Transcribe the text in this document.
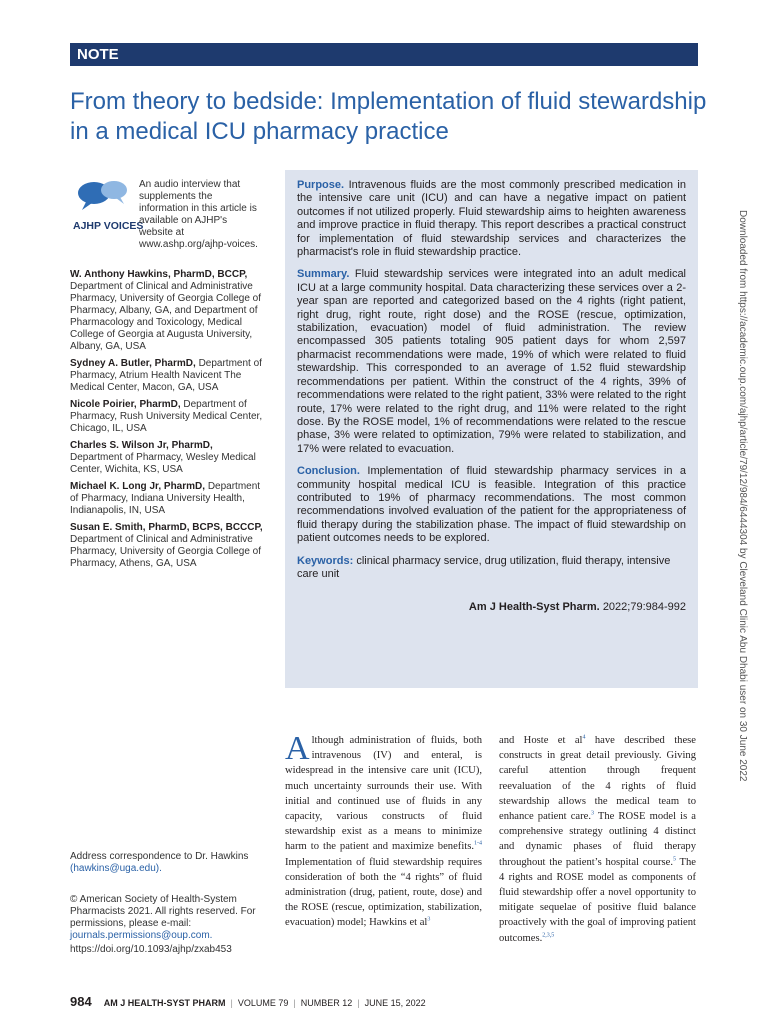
NOTE
From theory to bedside: Implementation of fluid stewardship in a medical ICU pharmacy practice
AJHP VOICES
An audio interview that supplements the information in this article is available on AJHP's website at www.ashp.org/ajhp-voices.
W. Anthony Hawkins, PharmD, BCCP, Department of Clinical and Administrative Pharmacy, University of Georgia College of Pharmacy, Albany, GA, and Department of Pharmacology and Toxicology, Medical College of Georgia at Augusta University, Albany, GA, USA
Sydney A. Butler, PharmD, Department of Pharmacy, Atrium Health Navicent The Medical Center, Macon, GA, USA
Nicole Poirier, PharmD, Department of Pharmacy, Rush University Medical Center, Chicago, IL, USA
Charles S. Wilson Jr, PharmD, Department of Pharmacy, Wesley Medical Center, Wichita, KS, USA
Michael K. Long Jr, PharmD, Department of Pharmacy, Indiana University Health, Indianapolis, IN, USA
Susan E. Smith, PharmD, BCPS, BCCCP, Department of Clinical and Administrative Pharmacy, University of Georgia College of Pharmacy, Athens, GA, USA
Address correspondence to Dr. Hawkins (hawkins@uga.edu).
© American Society of Health-System Pharmacists 2021. All rights reserved. For permissions, please e-mail: journals.permissions@oup.com.
https://doi.org/10.1093/ajhp/zxab453

Purpose. Intravenous fluids are the most commonly prescribed medication in the intensive care unit (ICU) and can have a negative impact on patient outcomes if not utilized properly. Fluid stewardship aims to heighten awareness and improve practice in fluid therapy. This report describes a practical construct for implementation of fluid stewardship services and characterizes the pharmacist's role in fluid stewardship practice.

Summary. Fluid stewardship services were integrated into an adult medical ICU at a large community hospital. Data characterizing these services over a 2-year span are reported and categorized based on the 4 rights (right patient, right drug, right route, right dose) and the ROSE (rescue, optimization, stabilization, evacuation) model of fluid administration. The review encompassed 305 patients totaling 905 patient days for whom 2,597 pharmacist recommendations were made, 19% of which were related to fluid stewardship. This corresponded to an average of 1.52 fluid stewardship recommendations per patient. Within the construct of the 4 rights, 39% of recommendations were related to the right patient, 33% were related to the right route, 17% were related to the right drug, and 11% were related to the right dose. By the ROSE model, 1% of recommendations were related to the rescue phase, 3% were related to optimization, 79% were related to stabilization, and 17% were related to evacuation.

Conclusion. Implementation of fluid stewardship pharmacy services in a community hospital medical ICU is feasible. Integration of this practice contributed to 19% of pharmacy recommendations. The most common recommendations involved evaluation of the patient for the appropriateness of fluid therapy during the stabilization phase. The impact of fluid stewardship on patient outcomes needs to be explored.

Keywords: clinical pharmacy service, drug utilization, fluid therapy, intensive care unit

Am J Health-Syst Pharm. 2022;79:984-992
Although administration of fluids, both intravenous (IV) and enteral, is widespread in the intensive care unit (ICU), much uncertainty surrounds their use. With initial and continued use of fluids in any capacity, various constructs of fluid stewardship exist as a means to minimize harm to the patient and maximize benefits.$^{1-4}$ Implementation of fluid stewardship requires consideration of both the “4 rights” of fluid administration (drug, patient, route, dose) and the ROSE (rescue, optimization, stabilization, evacuation) model; Hawkins et al$^3$
and Hoste et al$^4$ have described these constructs in great detail previously. Giving careful attention through frequent reevaluation of the 4 rights of fluid stewardship allows the medical team to enhance patient care.$^3$ The ROSE model is a comprehensive strategy outlining 4 distinct and dynamic phases of fluid therapy throughout the patient’s hospital course.$^5$ The 4 rights and ROSE model as components of fluid stewardship offer a novel opportunity to mitigate sequelae of positive fluid balance proactively with the goal of improving patient outcomes.$^{2,3,5}$
Downloaded from https://academic.oup.com/ajhp/article/79/12/984/6444304 by Cleveland Clinic Abu Dhabi user on 30 June 2022
984 AM J HEALTH-SYST PHARM | VOLUME 79 | NUMBER 12 | JUNE 15, 2022
